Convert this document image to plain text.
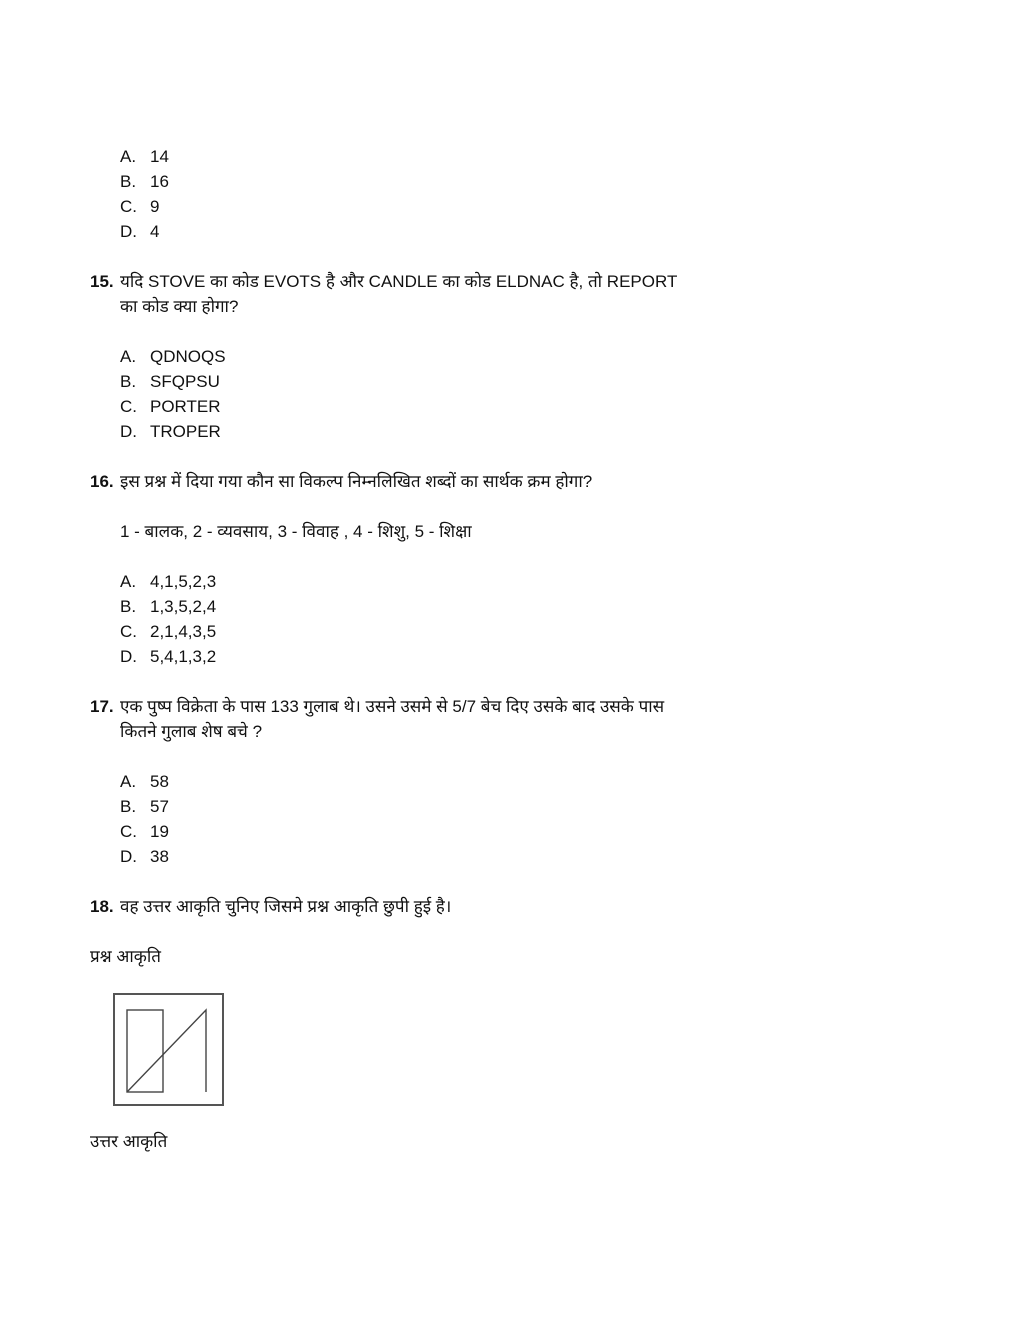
A. 14
B. 16
C. 9
D. 4
15. यदि STOVE का कोड EVOTS है और CANDLE का कोड ELDNAC है, तो REPORT
का कोड क्या होगा?
A. QDNOQS
B. SFQPSU
C. PORTER
D. TROPER
16. इस प्रश्न में दिया गया कौन सा विकल्प निम्नलिखित शब्दों का सार्थक क्रम होगा?
1 - बालक, 2 - व्यवसाय, 3 - विवाह , 4 - शिशु, 5 - शिक्षा
A. 4,1,5,2,3
B. 1,3,5,2,4
C. 2,1,4,3,5
D. 5,4,1,3,2
17. एक पुष्प विक्रेता के पास 133 गुलाब थे। उसने उसमे से 5/7 बेच दिए उसके बाद उसके पास
कितने गुलाब शेष बचे ?
A. 58
B. 57
C. 19
D. 38
18. वह उत्तर आकृति चुनिए जिसमे प्रश्न आकृति छुपी हुई है।
प्रश्न आकृति
उत्तर आकृति
